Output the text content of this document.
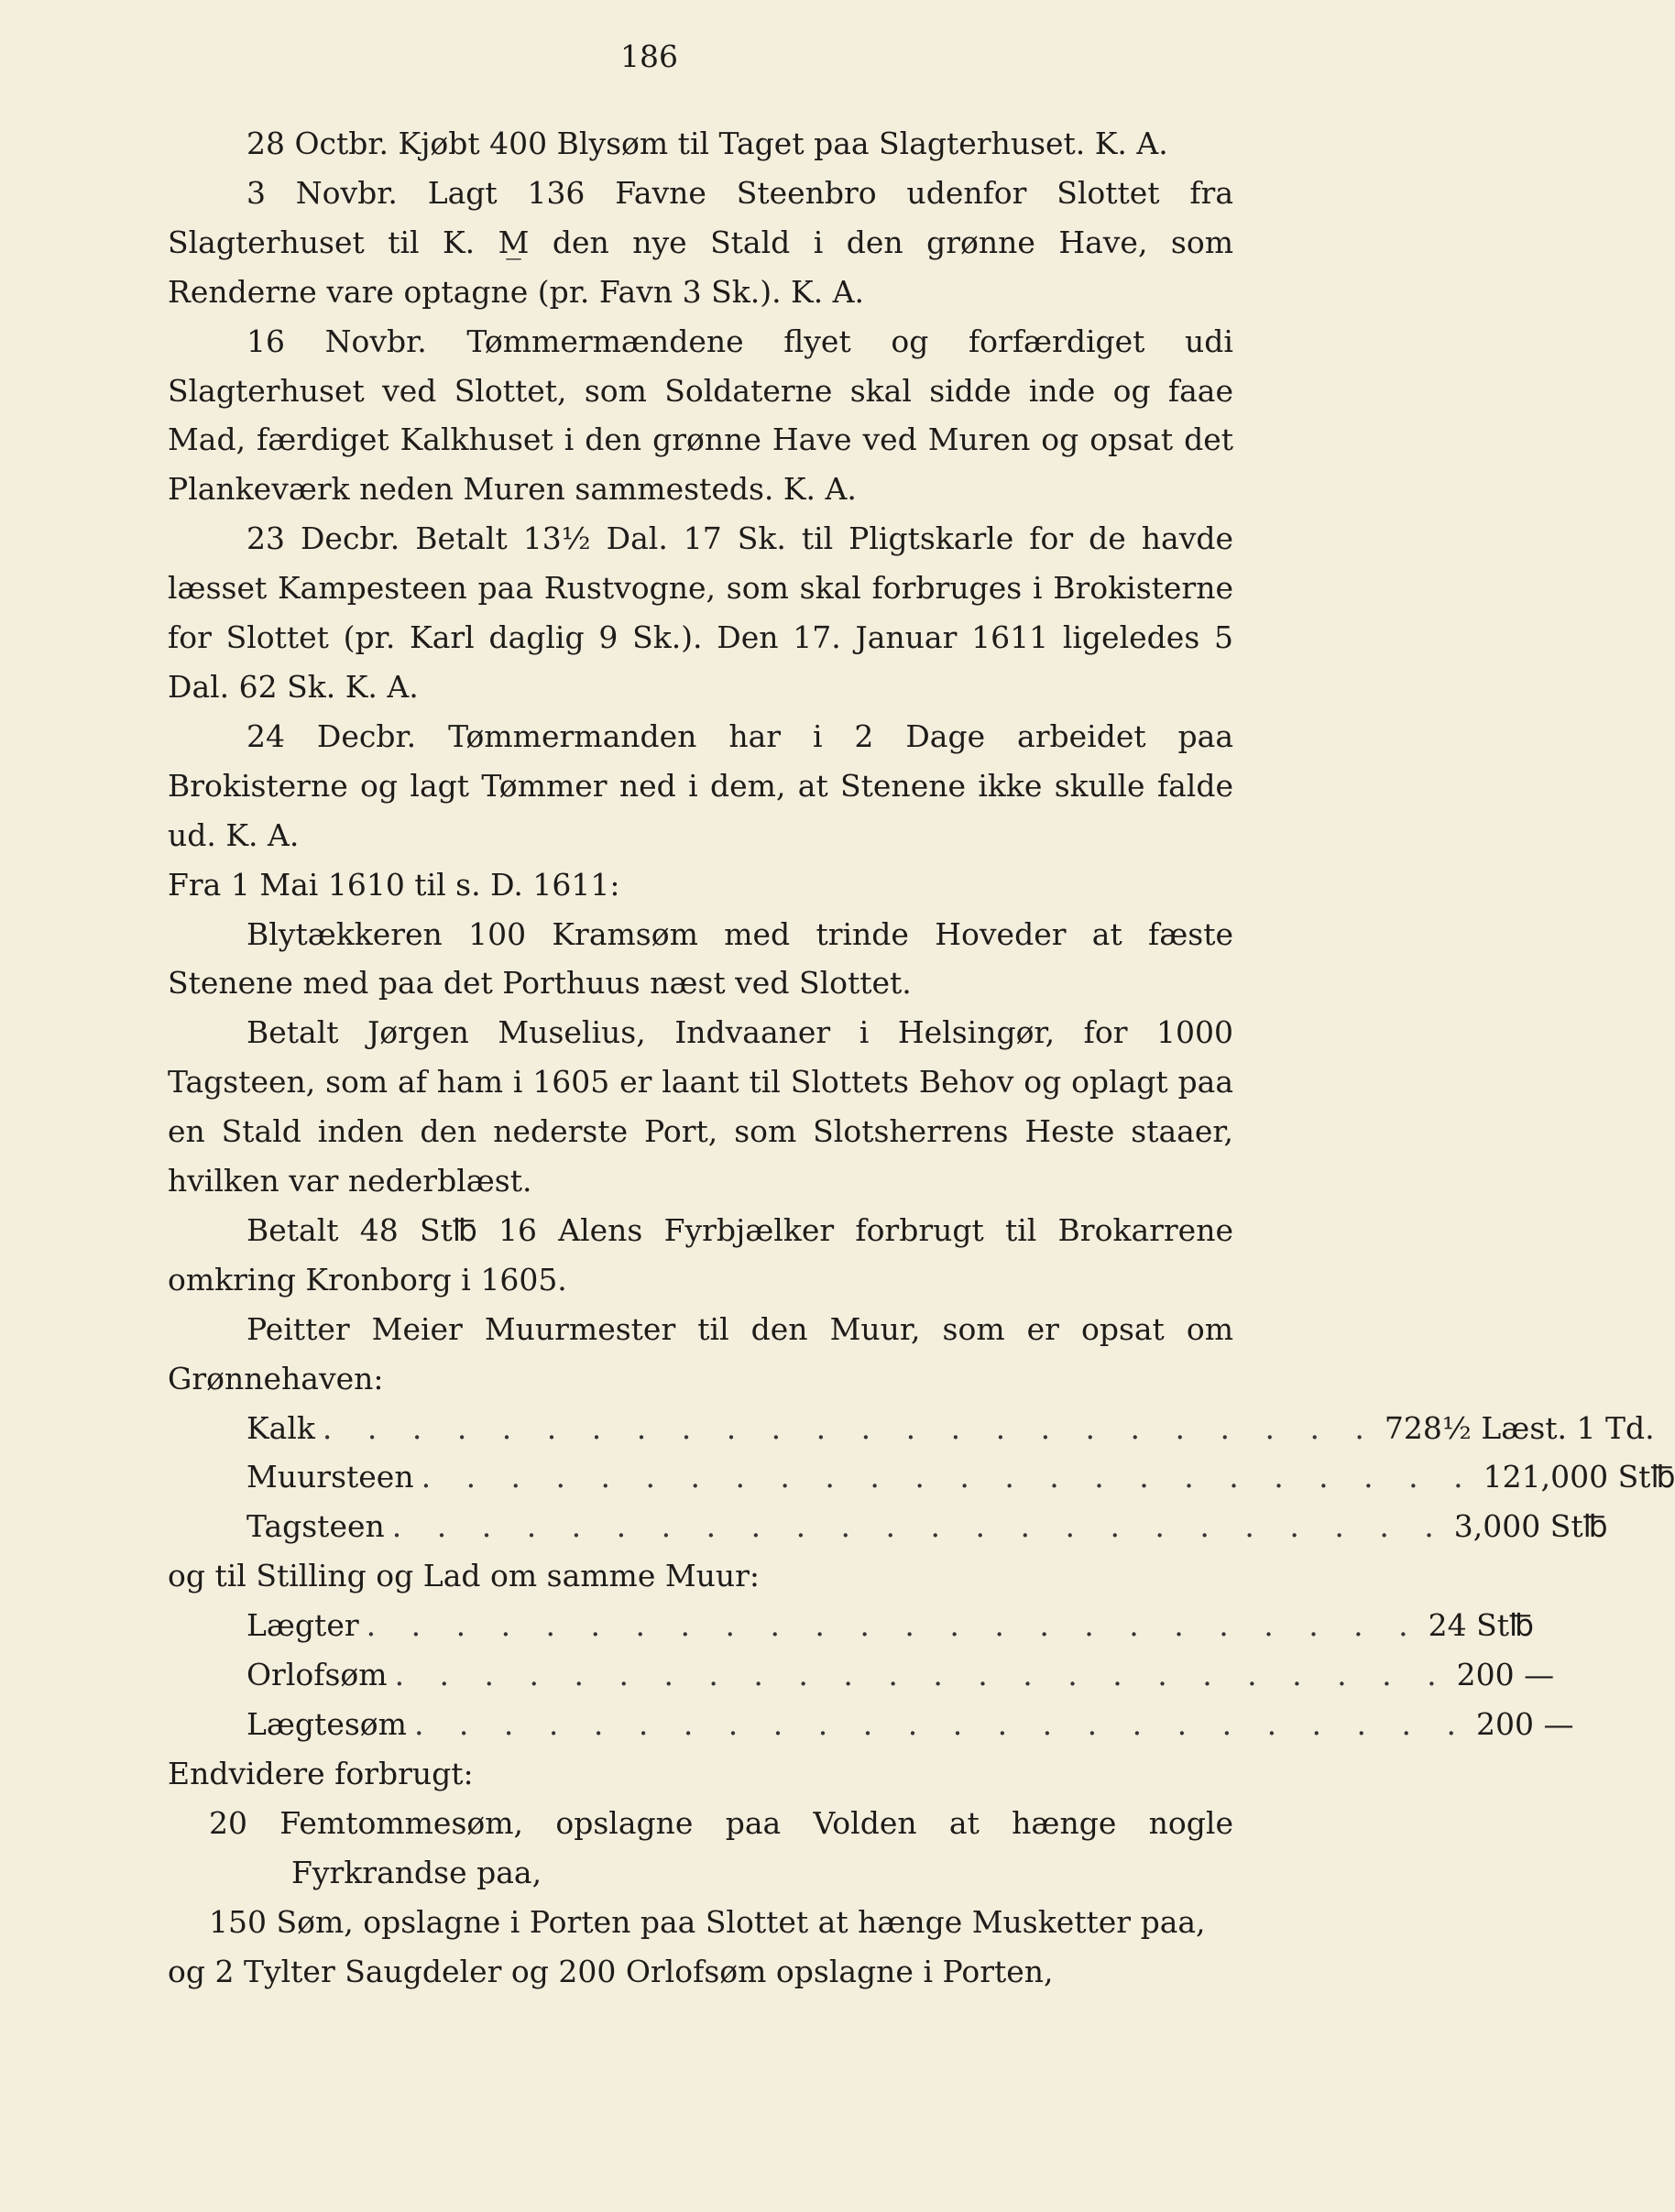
186

28 Octbr. Kjøbt 400 Blysøm til Taget paa Slagterhuset. K. A.

3 Novbr. Lagt 136 Favne Steenbro udenfor Slottet fra Slagterhuset til K. M̲ den nye Stald i den grønne Have, som Renderne vare optagne (pr. Favn 3 Sk.). K. A.

16 Novbr. Tømmermændene flyet og forfærdiget udi Slagterhuset ved Slottet, som Soldaterne skal sidde inde og faae Mad, færdiget Kalkhuset i den grønne Have ved Muren og opsat det Plankeværk neden Muren sammesteds. K. A.

23 Decbr. Betalt 13½ Dal. 17 Sk. til Pligtskarle for de havde læsset Kampesteen paa Rustvogne, som skal forbruges i Brokisterne for Slottet (pr. Karl daglig 9 Sk.). Den 17. Januar 1611 ligeledes 5 Dal. 62 Sk. K. A.

24 Decbr. Tømmermanden har i 2 Dage arbeidet paa Brokisterne og lagt Tømmer ned i dem, at Stenene ikke skulle falde ud. K. A.

Fra 1 Mai 1610 til s. D. 1611:

Blytækkeren 100 Kramsøm med trinde Hoveder at fæste Stenene med paa det Porthuus næst ved Slottet.

Betalt Jørgen Muselius, Indvaaner i Helsingør, for 1000 Tagsteen, som af ham i 1605 er laant til Slottets Behov og oplagt paa en Stald inden den nederste Port, som Slotsherrens Heste staaer, hvilken var nederblæst.

Betalt 48 St℔ 16 Alens Fyrbjælker forbrugt til Brokarrene omkring Kronborg i 1605.

Peitter Meier Muurmester til den Muur, som er opsat om Grønnehaven:

Kalk . . . . . . . . . . . . . . . . . . . . . . . . 728½ Læst. 1 Td.
Muursteen . . . . . . . . . . . . . . . . . . . . . . . . 121,000 St℔
Tagsteen . . . . . . . . . . . . . . . . . . . . . . . . 3,000 St℔

og til Stilling og Lad om samme Muur:

Lægter . . . . . . . . . . . . . . . . . . . . . . . . 24 St℔
Orlofsøm . . . . . . . . . . . . . . . . . . . . . . . . 200 —
Lægtesøm . . . . . . . . . . . . . . . . . . . . . . . . 200 —

Endvidere forbrugt:

20 Femtommesøm, opslagne paa Volden at hænge nogle Fyrkrandse paa,

150 Søm, opslagne i Porten paa Slottet at hænge Musketter paa,

og 2 Tylter Saugdeler og 200 Orlofsøm opslagne i Porten,
